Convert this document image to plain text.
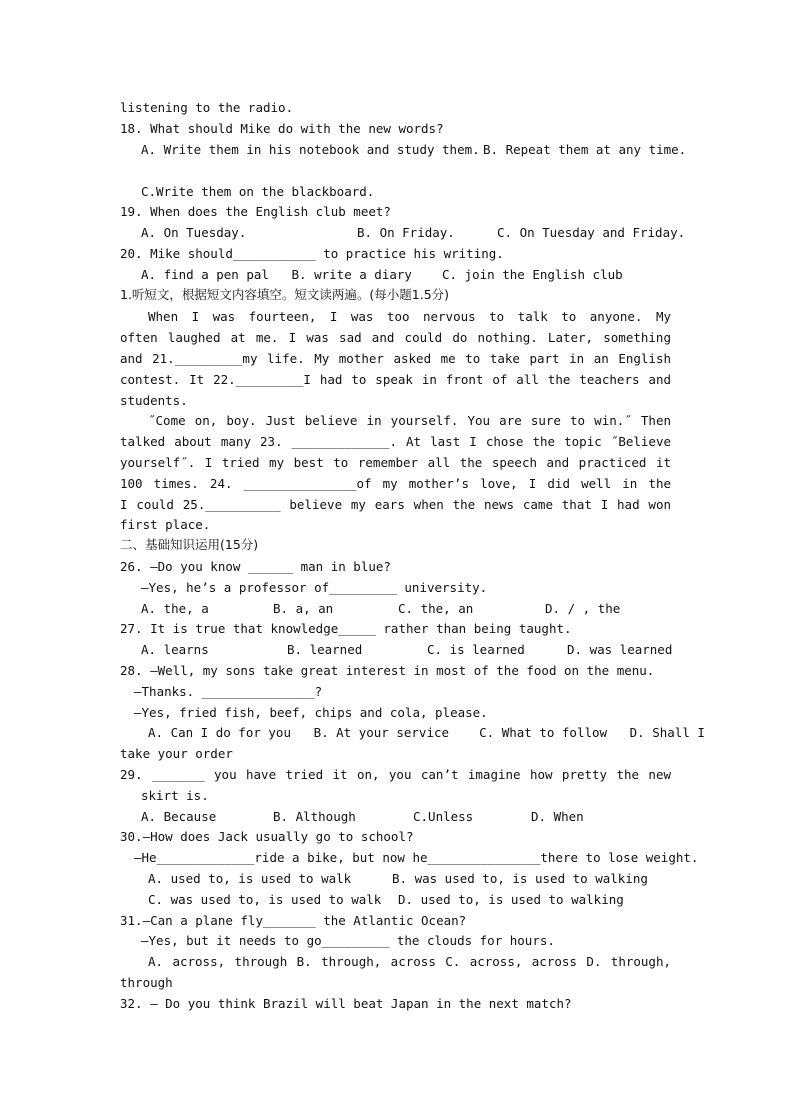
listening to the radio.
18. What should Mike do with the new words?
A. Write them in his notebook and study them. B. Repeat them at any time.
C.Write them on the blackboard.
19. When does the English club meet?
A. On Tuesday.	B. On Friday.	C. On Tuesday and Friday.
20. Mike should___________ to practice his writing.
A. find a pen pal   B. write a diary    C. join the English club
1.听短文，根据短文内容填空。短文读两遍。(每小题1.5分)
When I was fourteen, I was too nervous to talk to anyone. My
often laughed at me. I was sad and could do nothing. Later, something
and 21._________my life. My mother asked me to take part in an English
contest. It 22._________I had to speak in front of all the teachers and
students.
˝Come on, boy. Just believe in yourself. You are sure to win.˝ Then
talked about many 23. _____________. At last I chose the topic ˝Believe
yourself˝. I tried my best to remember all the speech and practiced it
100 times. 24. _______________of my mother’s love, I did well in the
I could 25.__________ believe my ears when the news came that I had won
first place.
二、基础知识运用(15分)
26. —Do you know ______ man in blue?
—Yes, he’s a professor of_________ university.
A. the, a	B. a, an	C. the, an	D. / , the
27. It is true that knowledge_____ rather than being taught.
A. learns	B. learned	C. is learned	D. was learned
28. —Well, my sons take great interest in most of the food on the menu.
—Thanks. _______________?
—Yes, fried fish, beef, chips and cola, please.
A. Can I do for you   B. At your service    C. What to follow   D. Shall I
take your order
29. _______ you have tried it on, you can’t imagine how pretty the new
skirt is.
A. Because	B. Although	C.Unless	D. When
30.—How does Jack usually go to school?
—He_____________ride a bike, but now he_______________there to lose weight.
A. used to, is used to walk	B. was used to, is used to walking
C. was used to, is used to walk D. used to, is used to walking
31.—Can a plane fly_______ the Atlantic Ocean?
—Yes, but it needs to go_________ the clouds for hours.
A. across, through B. through, across C. across, across D. through,
through
32. — Do you think Brazil will beat Japan in the next match?
